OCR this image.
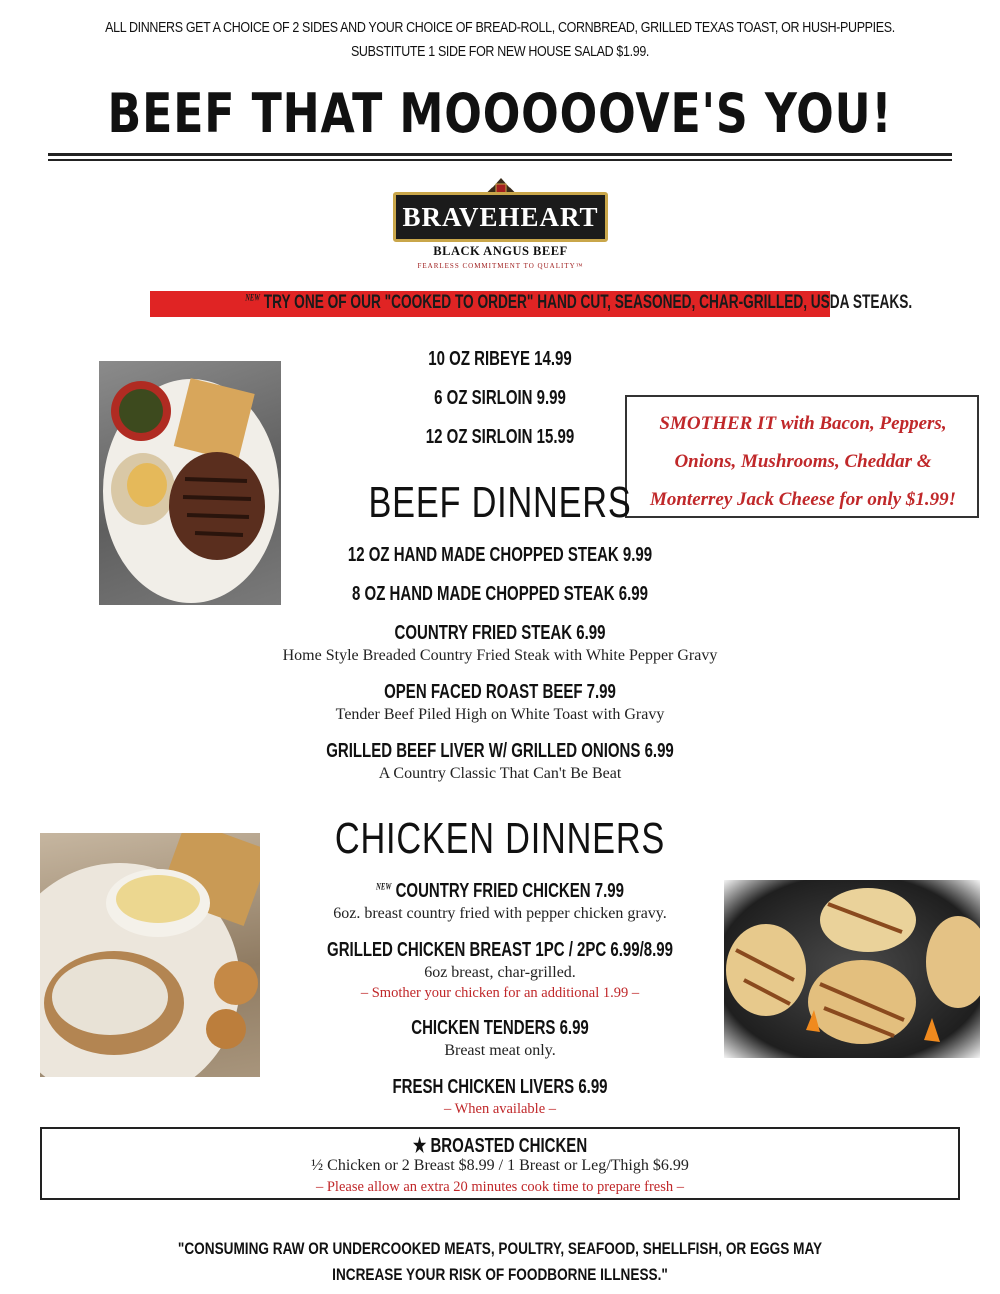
ALL DINNERS GET A CHOICE OF 2 SIDES AND YOUR CHOICE OF BREAD-ROLL, CORNBREAD, GRILLED TEXAS TOAST, OR HUSH-PUPPIES. SUBSTITUTE 1 SIDE FOR NEW HOUSE SALAD $1.99.
BEEF THAT MOOOOOVE'S YOU!
BRAVEHEART
BLACK ANGUS BEEF
FEARLESS COMMITMENT TO QUALITY™
$^{NEW}$ TRY ONE OF OUR "COOKED TO ORDER" HAND CUT, SEASONED, CHAR-GRILLED, USDA STEAKS.
10 OZ RIBEYE 14.99
6 OZ SIRLOIN 9.99
12 OZ SIRLOIN 15.99
SMOTHER IT with Bacon, Peppers,
Onions, Mushrooms, Cheddar &
Monterrey Jack Cheese for only $1.99!
BEEF DINNERS
12 OZ HAND MADE CHOPPED STEAK 9.99
8 OZ HAND MADE CHOPPED STEAK 6.99
COUNTRY FRIED STEAK 6.99
Home Style Breaded Country Fried Steak with White Pepper Gravy
OPEN FACED ROAST BEEF 7.99
Tender Beef Piled High on White Toast with Gravy
GRILLED BEEF LIVER W/ GRILLED ONIONS 6.99
A Country Classic That Can't Be Beat
CHICKEN DINNERS
$^{NEW}$ COUNTRY FRIED CHICKEN 7.99
6oz. breast country fried with pepper chicken gravy.
GRILLED CHICKEN BREAST 1PC / 2PC 6.99/8.99
6oz breast, char-grilled.
– Smother your chicken for an additional 1.99 –
CHICKEN TENDERS 6.99
Breast meat only.
FRESH CHICKEN LIVERS 6.99
– When available –
★ BROASTED CHICKEN
½ Chicken or 2 Breast $8.99 / 1 Breast or Leg/Thigh $6.99
– Please allow an extra 20 minutes cook time to prepare fresh –
"CONSUMING RAW OR UNDERCOOKED MEATS, POULTRY, SEAFOOD, SHELLFISH, OR EGGS MAY INCREASE YOUR RISK OF FOODBORNE ILLNESS."
